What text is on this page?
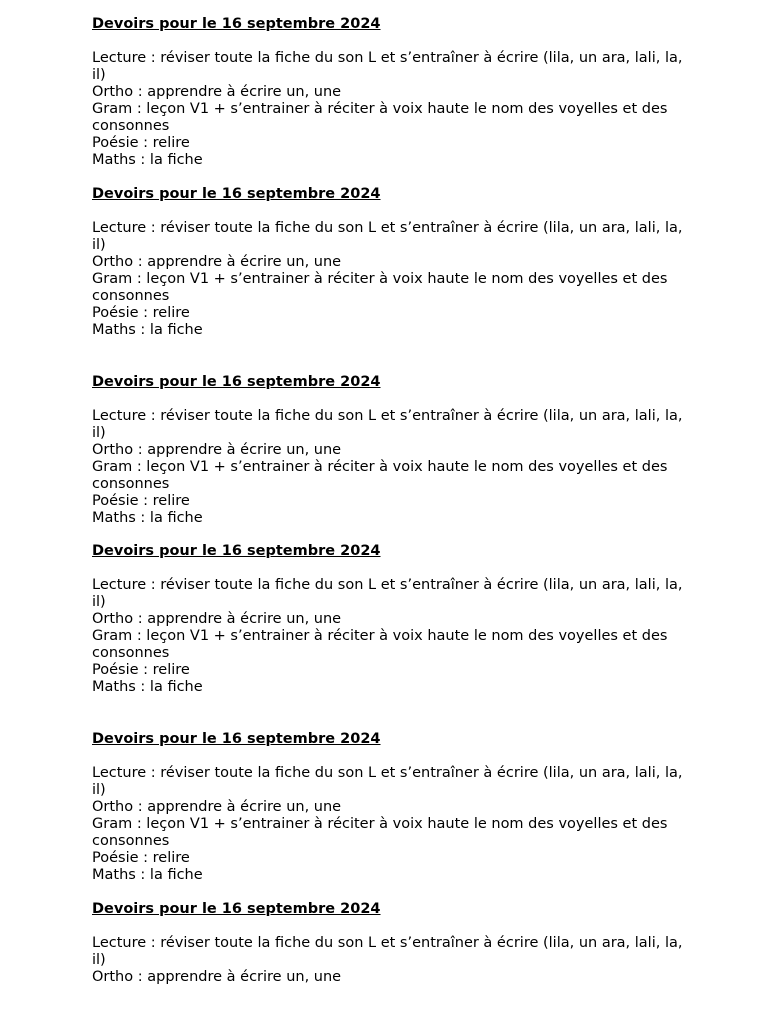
Devoirs pour le 16 septembre 2024

Lecture : réviser toute la fiche du son L et s’entraîner à écrire (lila, un ara, lali, la, il)

Ortho : apprendre à écrire un, une

Gram : leçon V1 + s’entrainer à réciter à voix haute le nom des voyelles et des consonnes

Poésie : relire

Maths : la fiche

Devoirs pour le 16 septembre 2024

Lecture : réviser toute la fiche du son L et s’entraîner à écrire (lila, un ara, lali, la, il)

Ortho : apprendre à écrire un, une

Gram : leçon V1 + s’entrainer à réciter à voix haute le nom des voyelles et des consonnes

Poésie : relire

Maths : la fiche

Devoirs pour le 16 septembre 2024

Lecture : réviser toute la fiche du son L et s’entraîner à écrire (lila, un ara, lali, la, il)

Ortho : apprendre à écrire un, une

Gram : leçon V1 + s’entrainer à réciter à voix haute le nom des voyelles et des consonnes

Poésie : relire

Maths : la fiche

Devoirs pour le 16 septembre 2024

Lecture : réviser toute la fiche du son L et s’entraîner à écrire (lila, un ara, lali, la, il)

Ortho : apprendre à écrire un, une

Gram : leçon V1 + s’entrainer à réciter à voix haute le nom des voyelles et des consonnes

Poésie : relire

Maths : la fiche

Devoirs pour le 16 septembre 2024

Lecture : réviser toute la fiche du son L et s’entraîner à écrire (lila, un ara, lali, la, il)

Ortho : apprendre à écrire un, une

Gram : leçon V1 + s’entrainer à réciter à voix haute le nom des voyelles et des consonnes

Poésie : relire

Maths : la fiche

Devoirs pour le 16 septembre 2024

Lecture : réviser toute la fiche du son L et s’entraîner à écrire (lila, un ara, lali, la, il)

Ortho : apprendre à écrire un, une
